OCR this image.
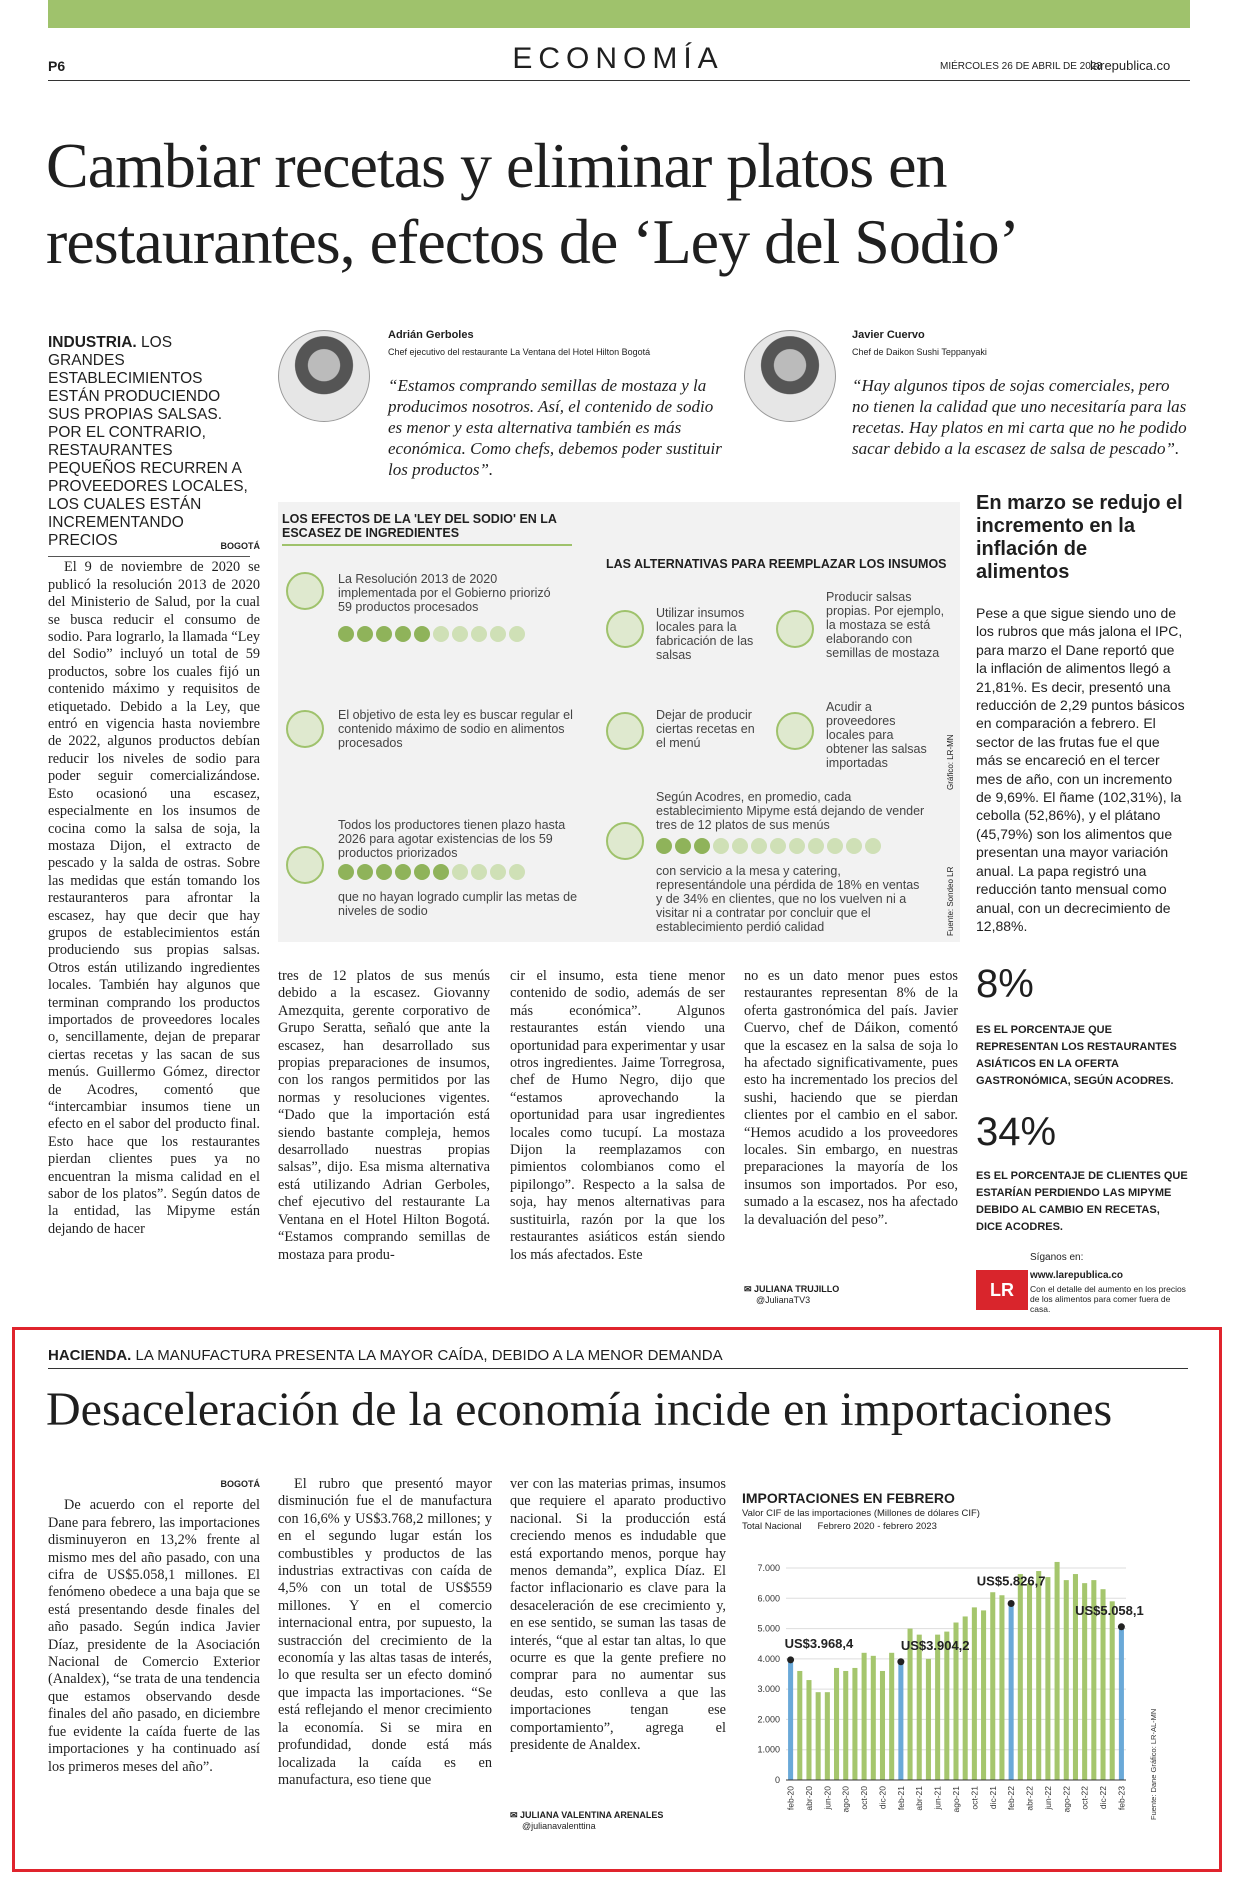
P6	ECONOMÍA	MIÉRCOLES 26 DE ABRIL DE 2023
larepublica.co
Cambiar recetas y eliminar platos en restaurantes, efectos de ‘Ley del Sodio’
INDUSTRIA. LOS GRANDES ESTABLECIMIENTOS ESTÁN PRODUCIENDO SUS PROPIAS SALSAS. POR EL CONTRARIO, RESTAURANTES PEQUEÑOS RECURREN A PROVEEDORES LOCALES, LOS CUALES ESTÁN INCREMENTANDO PRECIOS
Adrián Gerboles
Chef ejecutivo del restaurante La Ventana del Hotel Hilton Bogotá
“Estamos comprando semillas de mostaza y la producimos nosotros. Así, el contenido de sodio es menor y esta alternativa también es más económica. Como chefs, debemos poder sustituir los productos”.
Javier Cuervo
Chef de Daikon Sushi Teppanyaki
“Hay algunos tipos de sojas comerciales, pero no tienen la calidad que uno necesitaría para las recetas. Hay platos en mi carta que no he podido sacar debido a la escasez de salsa de pescado”.
BOGOTÁ

El 9 de noviembre de 2020 se publicó la resolución 2013 de 2020 del Ministerio de Salud, por la cual se busca reducir el consumo de sodio. Para lograrlo, la llamada “Ley del Sodio” incluyó un total de 59 productos, sobre los cuales fijó un contenido máximo y requisitos de etiquetado. Debido a la Ley, que entró en vigencia hasta noviembre de 2022, algunos productos debían reducir los niveles de sodio para poder seguir comercializándose. Esto ocasionó una escasez, especialmente en los insumos de cocina como la salsa de soja, la mostaza Dijon, el extracto de pescado y la salda de ostras. Sobre las medidas que están tomando los restauranteros para afrontar la escasez, hay que decir que hay grupos de establecimientos están produciendo sus propias salsas. Otros están utilizando ingredientes locales. También hay algunos que terminan comprando los productos importados de proveedores locales o, sencillamente, dejan de preparar ciertas recetas y las sacan de sus menús. Guillermo Gómez, director de Acodres, comentó que “intercambiar insumos tiene un efecto en el sabor del producto final. Esto hace que los restaurantes pierdan clientes pues ya no encuentran la misma calidad en el sabor de los platos”. Según datos de la entidad, las Mipyme están dejando de hacer

tres de 12 platos de sus menús debido a la escasez. Giovanny Amezquita, gerente corporativo de Grupo Seratta, señaló que ante la escasez, han desarrollado sus propias preparaciones de insumos, con los rangos permitidos por las normas y resoluciones vigentes. “Dado que la importación está siendo bastante compleja, hemos desarrollado nuestras propias salsas”, dijo. Esa misma alternativa está utilizando Adrian Gerboles, chef ejecutivo del restaurante La Ventana en el Hotel Hilton Bogotá. “Estamos comprando semillas de mostaza para produ-

cir el insumo, esta tiene menor contenido de sodio, además de ser más económica”. Algunos restaurantes están viendo una oportunidad para experimentar y usar otros ingredientes. Jaime Torregrosa, chef de Humo Negro, dijo que “estamos aprovechando la oportunidad para usar ingredientes locales como tucupí. La mostaza Dijon la reemplazamos con pimientos colombianos como el pipilongo”. Respecto a la salsa de soja, hay menos alternativas para sustituirla, razón por la que los restaurantes asiáticos están siendo los más afectados. Este

no es un dato menor pues estos restaurantes representan 8% de la oferta gastronómica del país. Javier Cuervo, chef de Dáikon, comentó que la escasez en la salsa de soja lo ha afectado significativamente, pues esto ha incrementado los precios del sushi, haciendo que se pierdan clientes por el cambio en el sabor. “Hemos acudido a los proveedores locales. Sin embargo, en nuestras preparaciones la mayoría de los insumos son importados. Por eso, sumado a la escasez, nos ha afectado la devaluación del peso”.

✉ JULIANA TRUJILLO
@JulianaTV3
LOS EFECTOS DE LA 'LEY DEL SODIO' EN LA ESCASEZ DE INGREDIENTES
La Resolución 2013 de 2020 implementada por el Gobierno priorizó 59 productos procesados
El objetivo de esta ley es buscar regular el contenido máximo de sodio en alimentos procesados
Todos los productores tienen plazo hasta 2026 para agotar existencias de los 59 productos priorizados
que no hayan logrado cumplir las metas de niveles de sodio
LAS ALTERNATIVAS PARA REEMPLAZAR LOS INSUMOS
Utilizar insumos locales para la fabricación de las salsas
Producir salsas propias. Por ejemplo, la mostaza se está elaborando con semillas de mostaza
Dejar de producir ciertas recetas en el menú
Acudir a proveedores locales para obtener las salsas importadas
Según Acodres, en promedio, cada establecimiento Mipyme está dejando de vender tres de 12 platos de sus menús
con servicio a la mesa y catering, representándole una pérdida de 18% en ventas y de 34% en clientes, que no los vuelven ni a visitar ni a contratar por concluir que el establecimiento perdió calidad
Gráfico: LR-MN
Fuente: Sondeo LR
En marzo se redujo el incremento en la inflación de alimentos
Pese a que sigue siendo uno de los rubros que más jalona el IPC, para marzo el Dane reportó que la inflación de alimentos llegó a 21,81%. Es decir, presentó una reducción de 2,29 puntos básicos en comparación a febrero. El sector de las frutas fue el que más se encareció en el tercer mes de año, con un incremento de 9,69%. El ñame (102,31%), la cebolla (52,86%), y el plátano (45,79%) son los alimentos que presentan una mayor variación anual. La papa registró una reducción tanto mensual como anual, con un decrecimiento de 12,88%.
8%
ES EL PORCENTAJE QUE REPRESENTAN LOS RESTAURANTES ASIÁTICOS EN LA OFERTA GASTRONÓMICA, SEGÚN ACODRES.
34%
ES EL PORCENTAJE DE CLIENTES QUE ESTARÍAN PERDIENDO LAS MIPYME DEBIDO AL CAMBIO EN RECETAS, DICE ACODRES.
LR
Síganos en:
www.larepublica.co
Con el detalle del aumento en los precios de los alimentos para comer fuera de casa.
HACIENDA. LA MANUFACTURA PRESENTA LA MAYOR CAÍDA, DEBIDO A LA MENOR DEMANDA
Desaceleración de la economía incide en importaciones
BOGOTÁ

De acuerdo con el reporte del Dane para febrero, las importaciones disminuyeron en 13,2% frente al mismo mes del año pasado, con una cifra de US$5.058,1 millones. El fenómeno obedece a una baja que se está presentando desde finales del año pasado. Según indica Javier Díaz, presidente de la Asociación Nacional de Comercio Exterior (Analdex), “se trata de una tendencia que estamos observando desde finales del año pasado, en diciembre fue evidente la caída fuerte de las importaciones y ha continuado así los primeros meses del año”.

El rubro que presentó mayor disminución fue el de manufactura con 16,6% y US$3.768,2 millones; y en el segundo lugar están los combustibles y productos de las industrias extractivas con caída de 4,5% con un total de US$559 millones. Y en el comercio internacional entra, por supuesto, la sustracción del crecimiento de la economía y las altas tasas de interés, lo que resulta ser un efecto dominó que impacta las importaciones. “Se está reflejando el menor crecimiento la economía. Si se mira en profundidad, donde está más localizada la caída es en manufactura, eso tiene que

ver con las materias primas, insumos que requiere el aparato productivo nacional. Si la producción está creciendo menos es indudable que está exportando menos, porque hay menos demanda”, explica Díaz. El factor inflacionario es clave para la desaceleración de ese crecimiento y, en ese sentido, se suman las tasas de interés, “que al estar tan altas, lo que ocurre es que la gente prefiere no comprar para no aumentar sus deudas, esto conlleva a que las importaciones tengan ese comportamiento”, agrega el presidente de Analdex.

✉ JULIANA VALENTINA ARENALES
@julianavalenttina
IMPORTACIONES EN FEBRERO
Valor CIF de las importaciones (Millones de dólares CIF)
Total Nacional Febrero 2020 - febrero 2023
0
1.000
2.000
3.000
4.000
5.000
6.000
7.000
US$3.968,4	US$3.904,2
US$5.826,7
US$5.058,1
feb-20 abr-20 jun-20 ago-20 oct-20 dic-20 feb-21 abr-21 jun-21 ago-21 oct-21 dic-21 feb-22 abr-22 jun-22 ago-22 oct-22 dic-22 feb-23	Fuente: Dane Gráfico: LR-AL-MN
